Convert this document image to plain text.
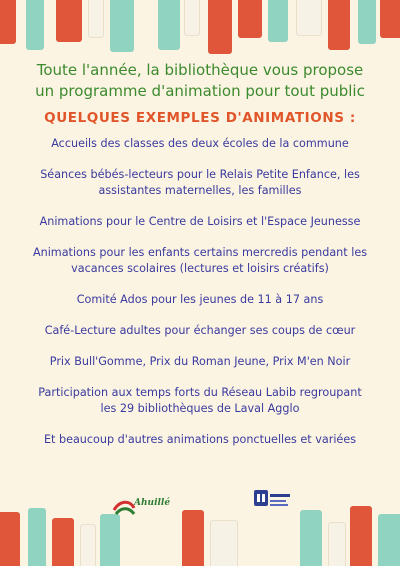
Toute l'année, la bibliothèque vous propose
un programme d'animation pour tout public
QUELQUES EXEMPLES D'ANIMATIONS :
Accueils des classes des deux écoles de la commune
Séances bébés-lecteurs pour le Relais Petite Enfance, les
assistantes maternelles, les familles
Animations pour le Centre de Loisirs et l'Espace Jeunesse
Animations pour les enfants certains mercredis pendant les
vacances scolaires (lectures et loisirs créatifs)
Comité Ados pour les jeunes de 11 à 17 ans
Café-Lecture adultes pour échanger ses coups de cœur
Prix Bull'Gomme, Prix du Roman Jeune, Prix M'en Noir
Participation aux temps forts du Réseau Labib regroupant
les 29 bibliothèques de Laval Agglo
Et beaucoup d'autres animations ponctuelles et variées
Ahuillé
